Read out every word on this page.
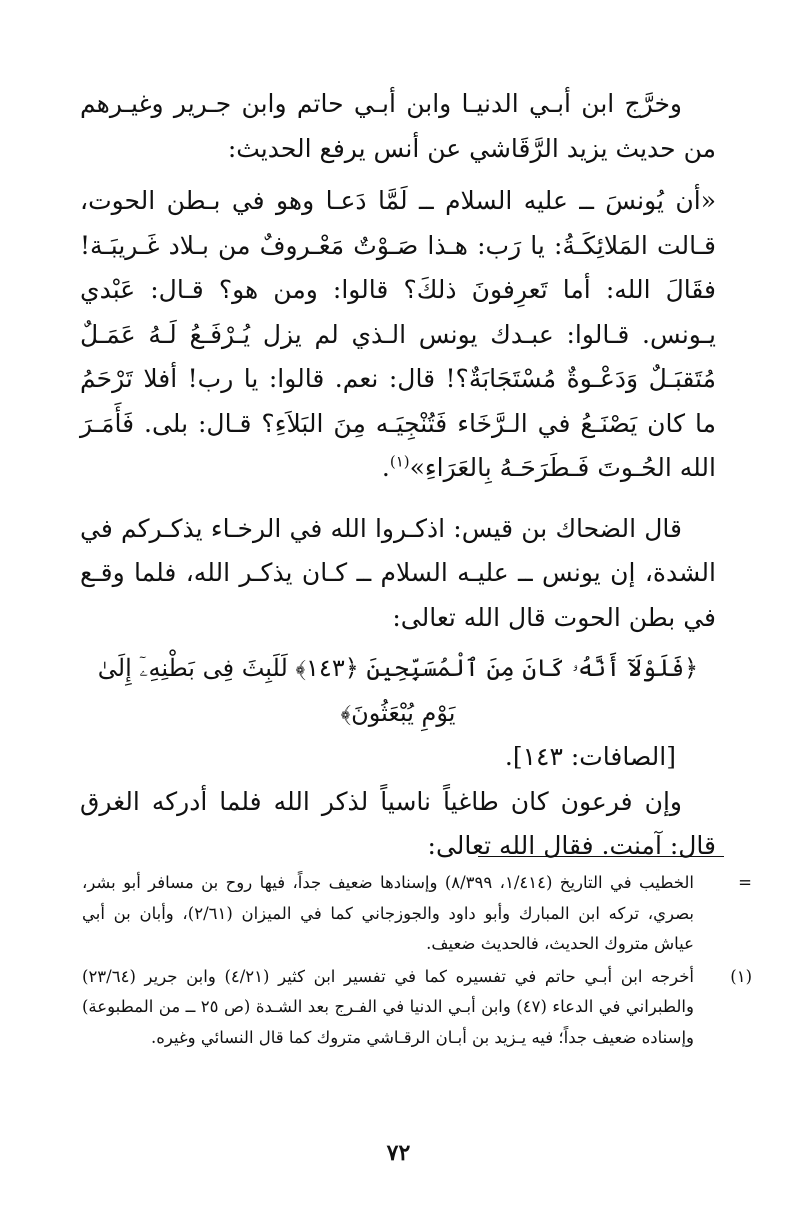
وخرَّج ابن أبـي الدنيـا وابن أبـي حاتم وابن جـرير وغيـرهم من حديث يزيد الرَّقَاشي عن أنس يرفع الحديث:

«أن يُونسَ ــ عليه السلام ــ لَمَّا دَعـا وهو في بـطن الحوت، قـالت المَلائِكَـةُ: يا رَب: هـذا صَـوْتٌ مَعْـروفٌ من بـلاد غَـريبَـة! فقَالَ الله: أما تَعرِفونَ ذلكَ؟ قالوا: ومن هو؟ قـال: عَبْدي يـونس. قـالوا: عبـدك يونس الـذي لم يزل يُـرْفَـعُ لَـهُ عَمَـلٌ مُتَقبَـلٌ وَدَعْـوةٌ مُسْتَجَابَةٌ؟! قال: نعم. قالوا: يا رب! أفلا تَرْحَمُ ما كان يَصْنَـعُ في الـرَّخَاء فَتُنْجِيَـه مِنَ البَلاَءِ؟ قـال: بلى. فَأَمَـرَ الله الحُـوتَ فَـطَرَحَـهُ بِالعَرَاءِ»$^{(١)}$.

قال الضحاك بن قيس: اذكـروا الله في الرخـاء يذكـركم في الشدة، إن يونس ــ عليـه السلام ــ كـان يذكـر الله، فلما وقـع في بطن الحوت قال الله تعالى:

﴿فَلَوْلَآ أَنَّهُۥ كَانَ مِنَ ٱلْمُسَبِّحِينَ ﴿١٤٣﴾ لَلَبِثَ فِى بَطْنِهِۦٓ إِلَىٰ يَوْمِ يُبْعَثُونَ﴾

[الصافات: ١٤٣].

وإن فرعون كان طاغياً ناسياً لذكر الله فلما أدركه الغرق قال: آمنت. فقال الله تعالى:

=
الخطيب في التاريخ (١/٤١٤، ٨/٣٩٩) وإسنادها ضعيف جداً، فيها روح بن مسافر أبو بشر، بصري، تركه ابن المبارك وأبو داود والجوزجاني كما في الميزان (٢/٦١)، وأبان بن أبي عياش متروك الحديث، فالحديث ضعيف.
(١)
أخرجه ابن أبـي حاتم في تفسيره كما في تفسير ابن كثير (٤/٢١) وابن جرير (٢٣/٦٤) والطبراني في الدعاء (٤٧) وابن أبـي الدنيا في الفـرج بعد الشـدة (ص ٢٥ ــ من المطبوعة) وإسناده ضعيف جداً؛ فيه يـزيد بن أبـان الرقـاشي متروك كما قال النسائي وغيره.
٧٢
